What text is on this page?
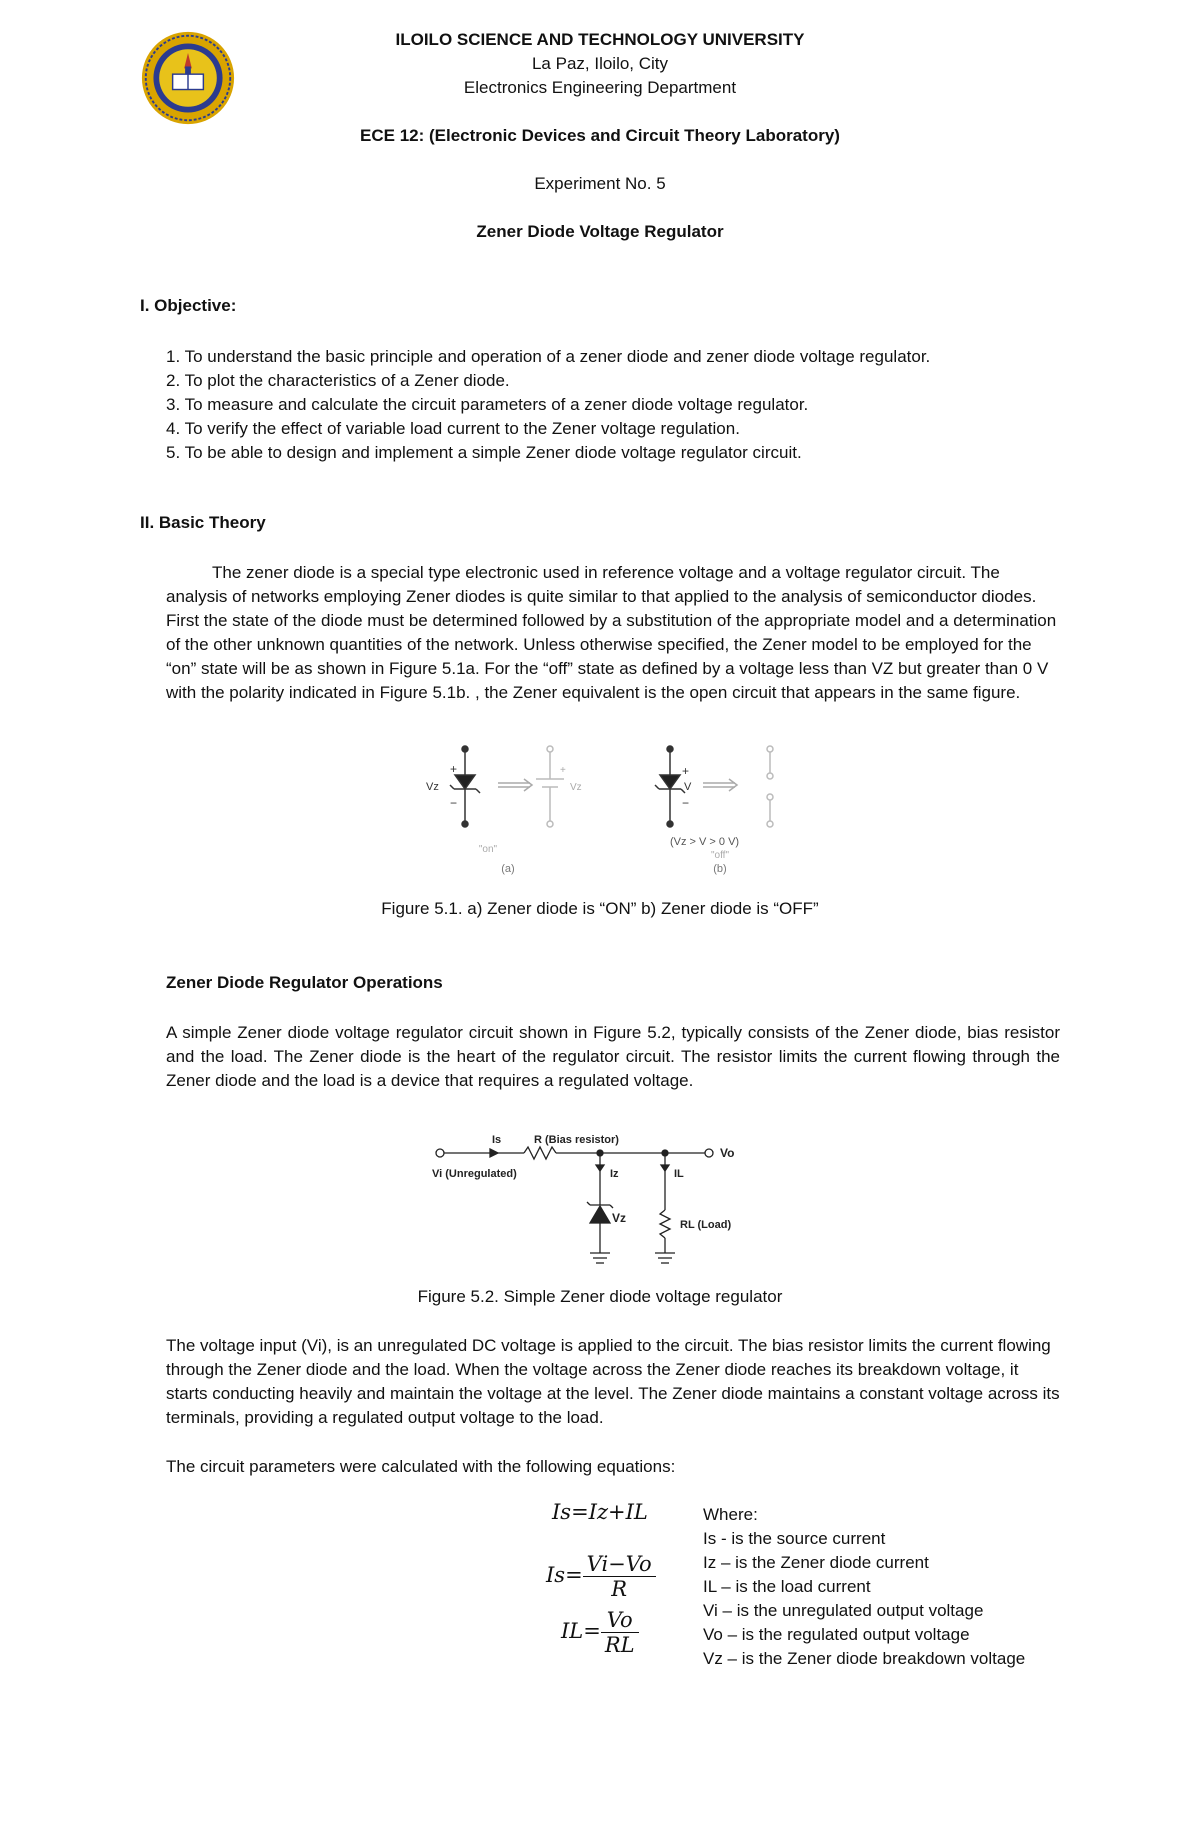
ILOILO SCIENCE AND TECHNOLOGY UNIVERSITY
La Paz, Iloilo, City
Electronics Engineering Department
ECE 12: (Electronic Devices and Circuit Theory Laboratory)
Experiment No. 5
Zener Diode Voltage Regulator
I. Objective:
1. To understand the basic principle and operation of a zener diode and zener diode voltage regulator.
2. To plot the characteristics of a Zener diode.
3. To measure and calculate the circuit parameters of a zener diode voltage regulator.
4. To verify the effect of variable load current to the Zener voltage regulation.
5. To be able to design and implement a simple Zener diode voltage regulator circuit.
II. Basic Theory
The zener diode is a special type electronic used in reference voltage and a voltage regulator circuit. The analysis of networks employing Zener diodes is quite similar to that applied to the analysis of semiconductor diodes. First the state of the diode must be determined followed by a substitution of the appropriate model and a determination of the other unknown quantities of the network. Unless otherwise specified, the Zener model to be employed for the “on” state will be as shown in Figure 5.1a. For the “off” state as defined by a voltage less than VZ but greater than 0 V with the polarity indicated in Figure 5.1b. , the Zener equivalent is the open circuit that appears in the same figure.
Vz
+
−
+
Vz
+
V
−
(Vz > V > 0 V)
"on"
"off"
(a)	(b)
Figure 5.1. a) Zener diode is “ON” b) Zener diode is “OFF”
Zener Diode Regulator Operations
A simple Zener diode voltage regulator circuit shown in Figure 5.2, typically consists of the Zener diode, bias resistor and the load. The Zener diode is the heart of the regulator circuit. The resistor limits the current flowing through the Zener diode and the load is a device that requires a regulated voltage.
Is	R (Bias resistor)
Vo
Vi (Unregulated)	Iz	IL
Vz	RL (Load)
Figure 5.2. Simple Zener diode voltage regulator
The voltage input (Vi), is an unregulated DC voltage is applied to the circuit. The bias resistor limits the current flowing through the Zener diode and the load. When the voltage across the Zener diode reaches its breakdown voltage, it starts conducting heavily and maintain the voltage at the level. The Zener diode maintains a constant voltage across its terminals, providing a regulated output voltage to the load.
The circuit parameters were calculated with the following equations:
Is=Iz+IL
$Is= \frac{Vi-Vo}{R}$
$IL= \frac{Vo}{RL}$
Where:
Is - is the source current
Iz – is the Zener diode current
IL – is the load current
Vi – is the unregulated output voltage
Vo – is the regulated output voltage
Vz – is the Zener diode breakdown voltage
